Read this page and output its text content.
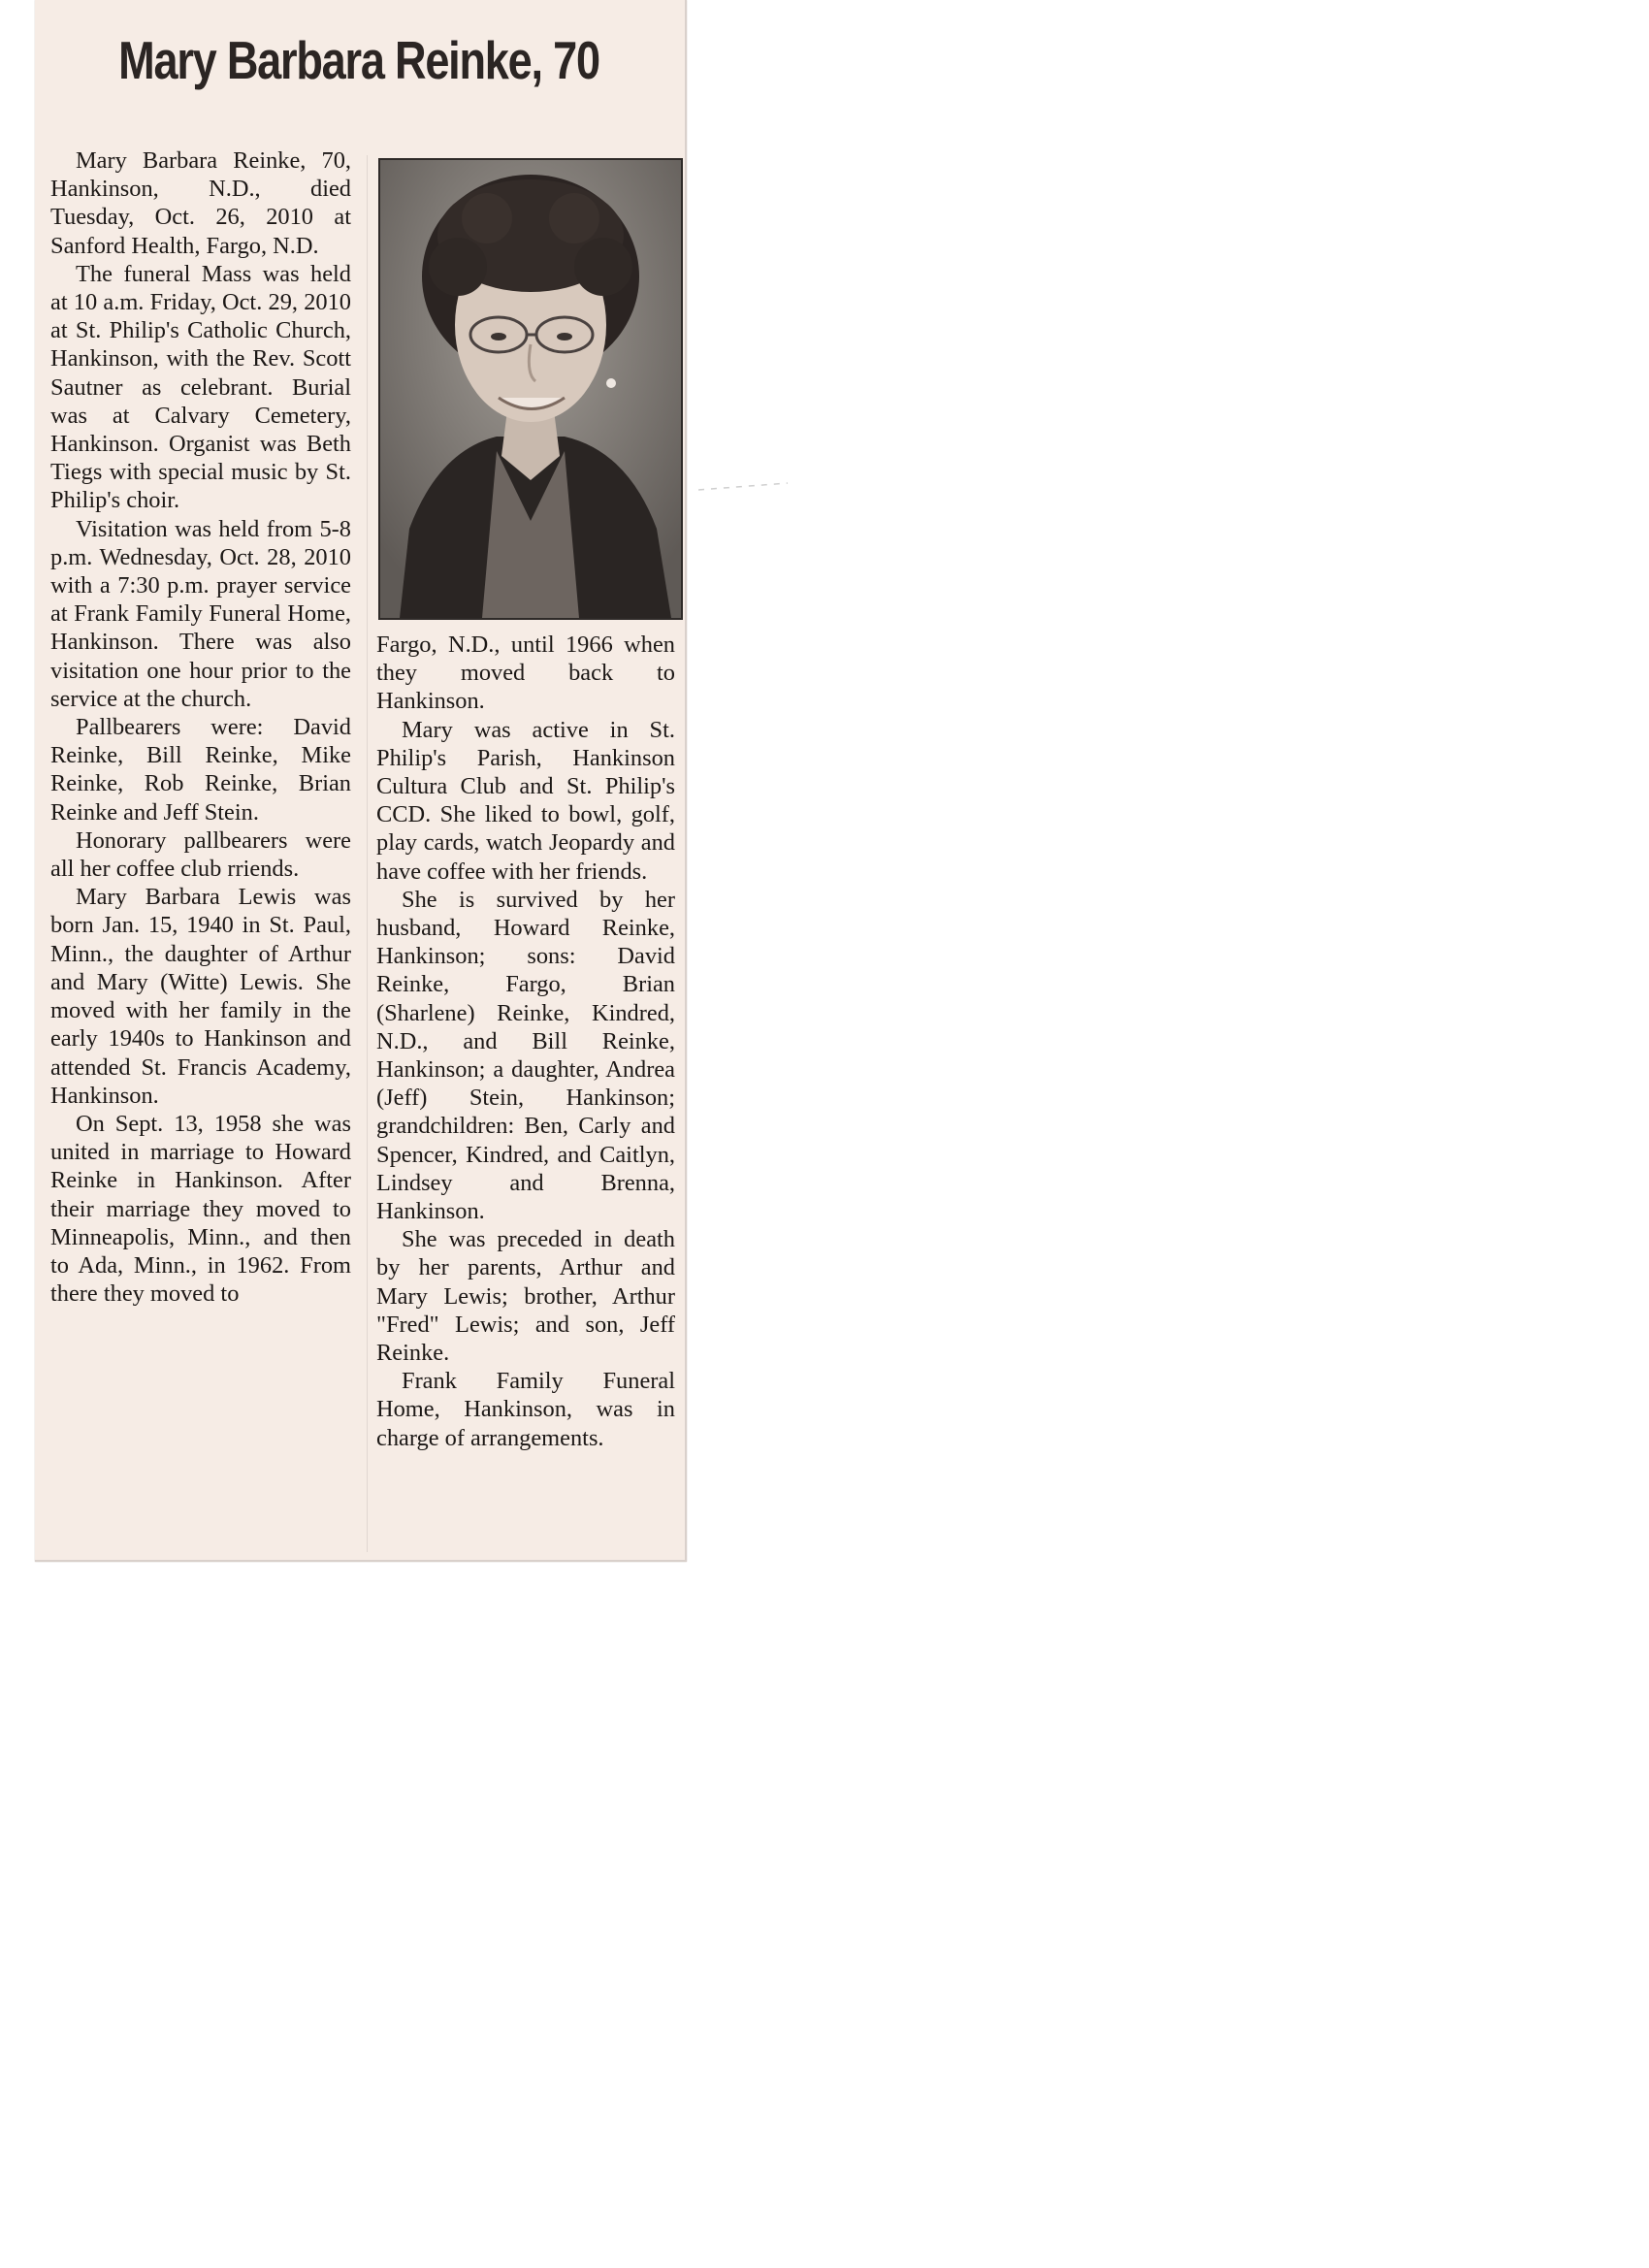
Mary Barbara Reinke, 70

Mary Barbara Reinke, 70, Hankinson, N.D., died Tuesday, Oct. 26, 2010 at Sanford Health, Fargo, N.D.

The funeral Mass was held at 10 a.m. Friday, Oct. 29, 2010 at St. Philip's Catholic Church, Hankinson, with the Rev. Scott Sautner as celebrant. Burial was at Calvary Cemetery, Hankinson. Organist was Beth Tiegs with special music by St. Philip's choir.

Visitation was held from 5-8 p.m. Wednesday, Oct. 28, 2010 with a 7:30 p.m. prayer service at Frank Family Funeral Home, Hankinson. There was also visitation one hour prior to the service at the church.

Pallbearers were: David Reinke, Bill Reinke, Mike Reinke, Rob Reinke, Brian Reinke and Jeff Stein.

Honorary pallbearers were all her coffee club rriends.

Mary Barbara Lewis was born Jan. 15, 1940 in St. Paul, Minn., the daughter of Arthur and Mary (Witte) Lewis. She moved with her family in the early 1940s to Hankinson and attended St. Francis Academy, Hankinson.

On Sept. 13, 1958 she was united in marriage to Howard Reinke in Hankinson. After their marriage they moved to Minneapolis, Minn., and then to Ada, Minn., in 1962. From there they moved to

Fargo, N.D., until 1966 when they moved back to Hankinson.

Mary was active in St. Philip's Parish, Hankinson Cultura Club and St. Philip's CCD. She liked to bowl, golf, play cards, watch Jeopardy and have coffee with her friends.

She is survived by her husband, Howard Reinke, Hankinson; sons: David Reinke, Fargo, Brian (Sharlene) Reinke, Kindred, N.D., and Bill Reinke, Hankinson; a daughter, Andrea (Jeff) Stein, Hankinson; grandchildren: Ben, Carly and Spencer, Kindred, and Caitlyn, Lindsey and Brenna, Hankinson.

She was preceded in death by her parents, Arthur and Mary Lewis; brother, Arthur "Fred" Lewis; and son, Jeff Reinke.

Frank Family Funeral Home, Hankinson, was in charge of arrangements.
